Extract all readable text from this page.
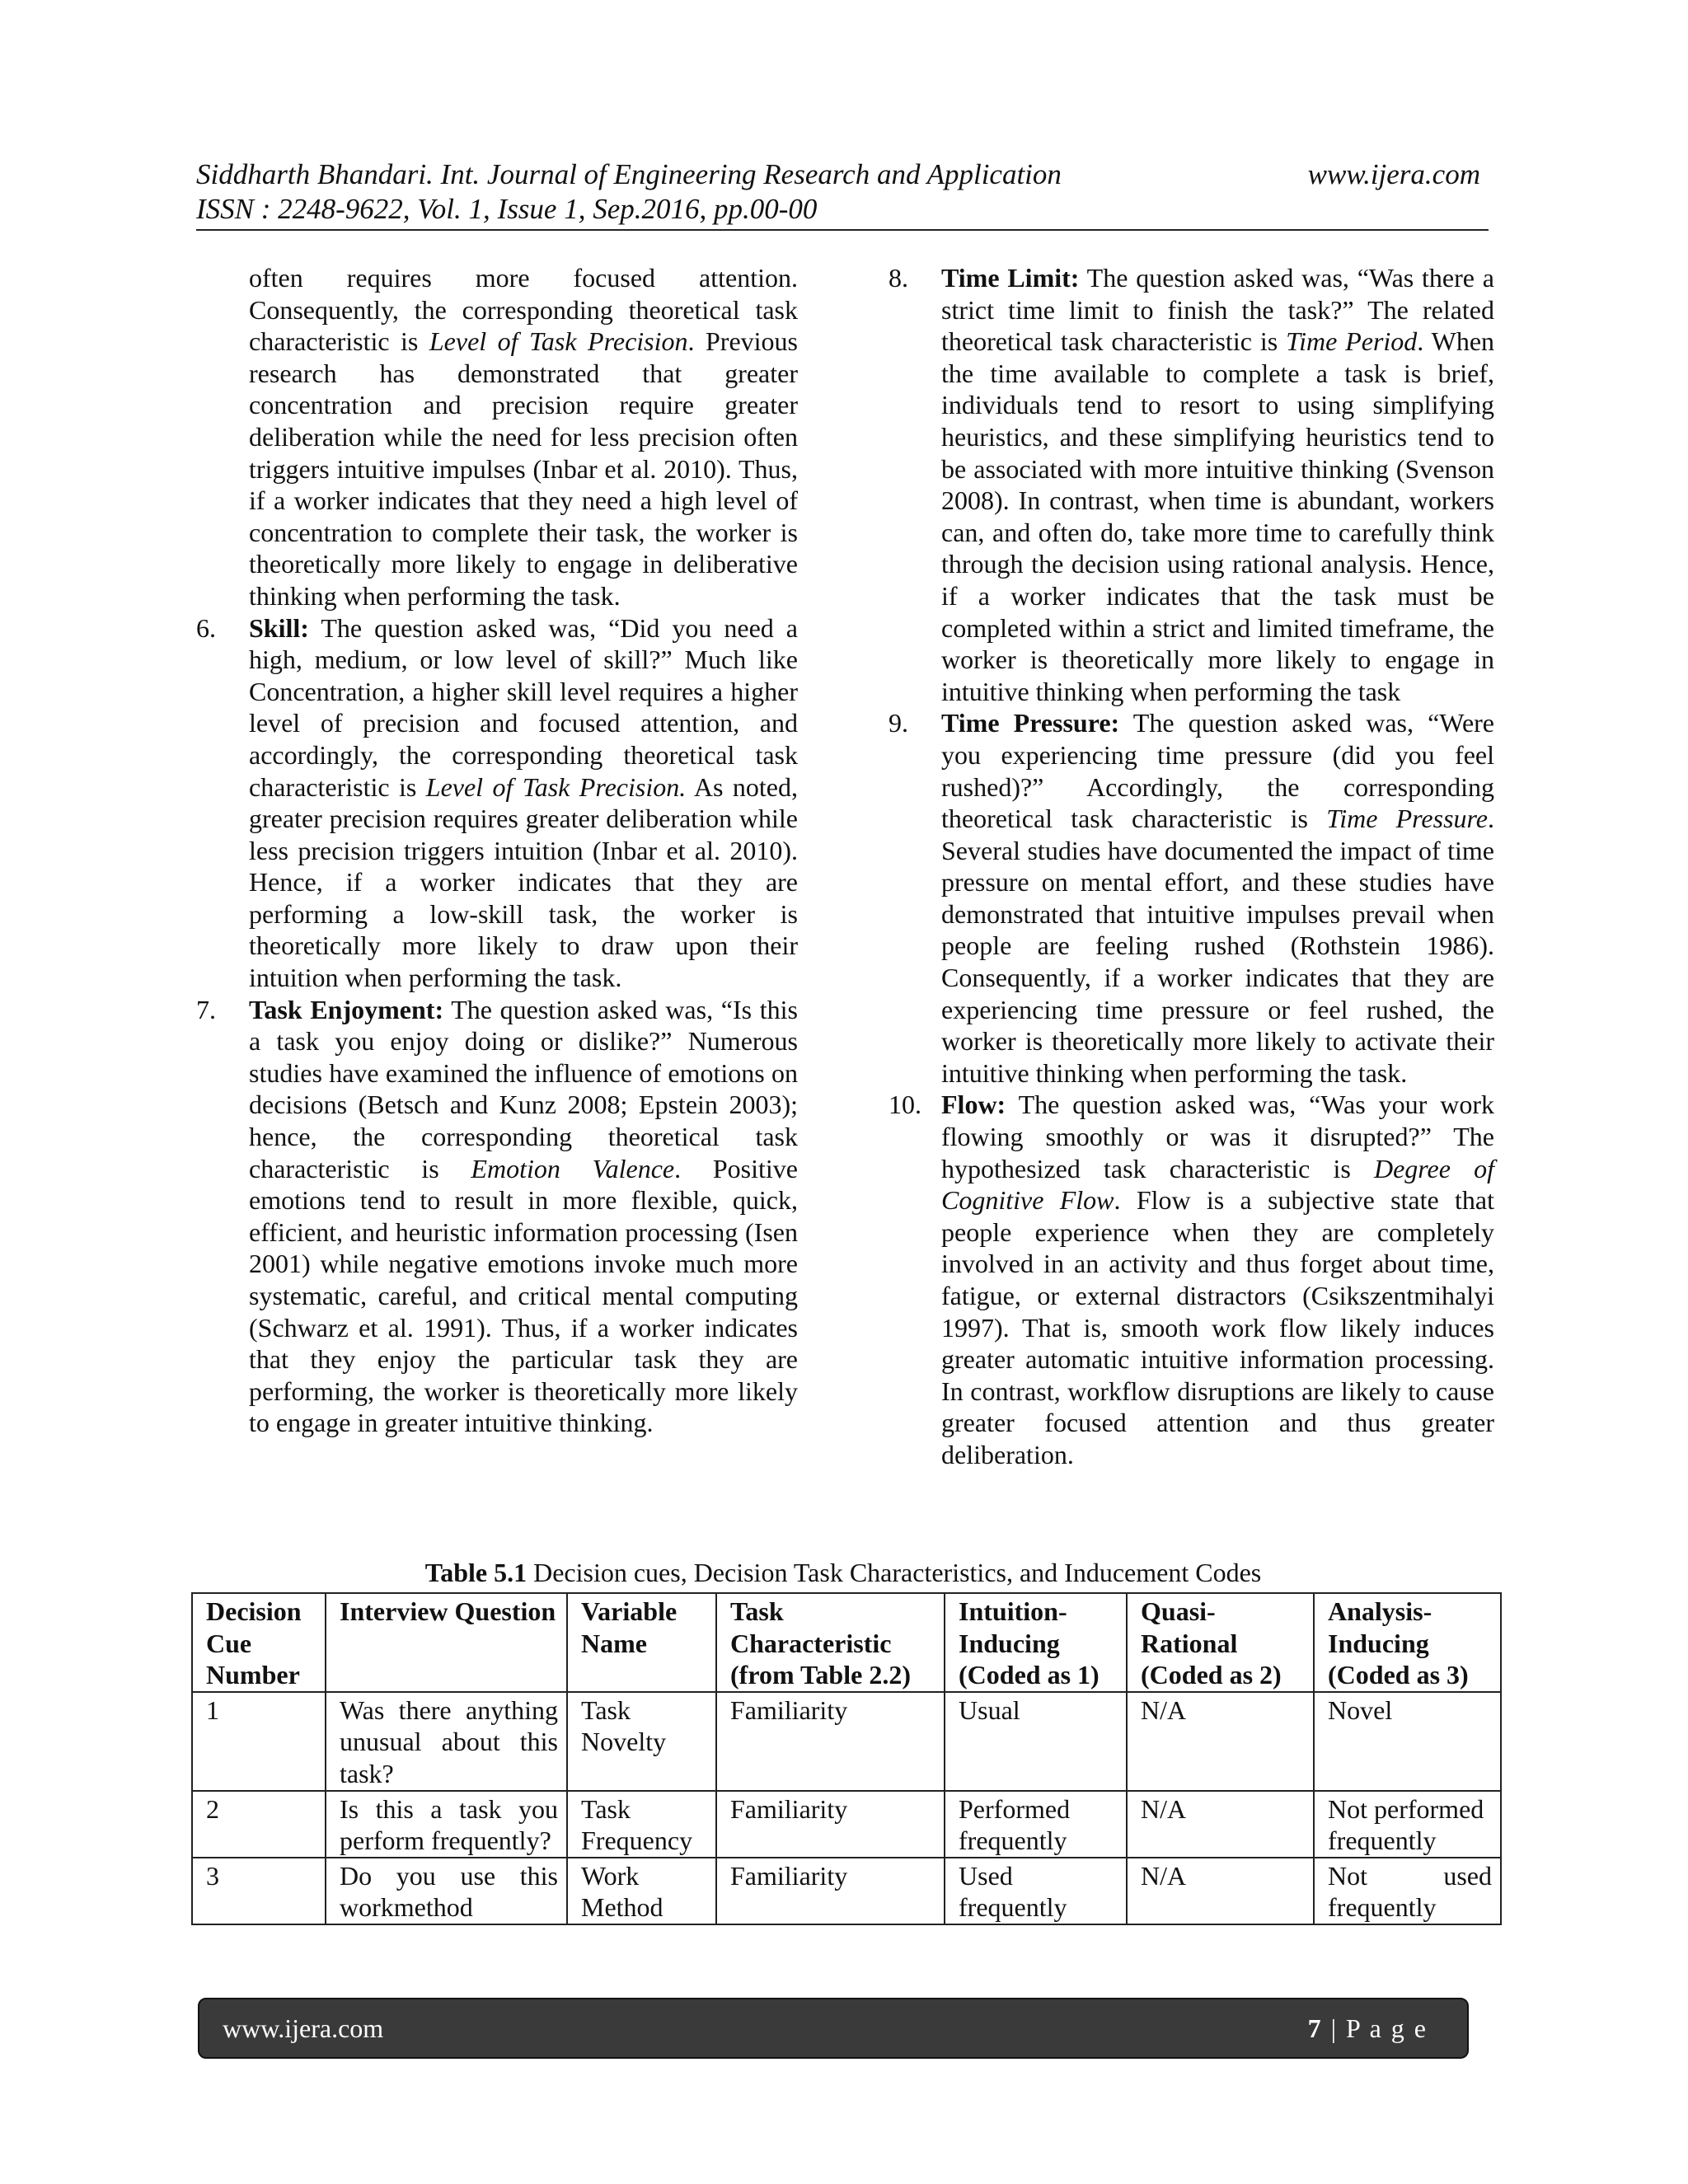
Siddharth Bhandari. Int. Journal of Engineering Research and Application	www.ijera.com
ISSN : 2248-9622, Vol. 1, Issue 1, Sep.2016, pp.00-00
often requires more focused attention. Consequently, the corresponding theoretical task characteristic is Level of Task Precision. Previous research has demonstrated that greater concentration and precision require greater deliberation while the need for less precision often triggers intuitive impulses (Inbar et al. 2010). Thus, if a worker indicates that they need a high level of concentration to complete their task, the worker is theoretically more likely to engage in deliberative thinking when performing the task.
6. Skill: The question asked was, “Did you need a high, medium, or low level of skill?” Much like Concentration, a higher skill level requires a higher level of precision and focused attention, and accordingly, the corresponding theoretical task characteristic is Level of Task Precision. As noted, greater precision requires greater deliberation while less precision triggers intuition (Inbar et al. 2010). Hence, if a worker indicates that they are performing a low-skill task, the worker is theoretically more likely to draw upon their intuition when performing the task.
7. Task Enjoyment: The question asked was, “Is this a task you enjoy doing or dislike?” Numerous studies have examined the influence of emotions on decisions (Betsch and Kunz 2008; Epstein 2003); hence, the corresponding theoretical task characteristic is Emotion Valence. Positive emotions tend to result in more flexible, quick, efficient, and heuristic information processing (Isen 2001) while negative emotions invoke much more systematic, careful, and critical mental computing (Schwarz et al. 1991). Thus, if a worker indicates that they enjoy the particular task they are performing, the worker is theoretically more likely to engage in greater intuitive thinking.
8. Time Limit: The question asked was, “Was there a strict time limit to finish the task?” The related theoretical task characteristic is Time Period. When the time available to complete a task is brief, individuals tend to resort to using simplifying heuristics, and these simplifying heuristics tend to be associated with more intuitive thinking (Svenson 2008). In contrast, when time is abundant, workers can, and often do, take more time to carefully think through the decision using rational analysis. Hence, if a worker indicates that the task must be completed within a strict and limited timeframe, the worker is theoretically more likely to engage in intuitive thinking when performing the task
9. Time Pressure: The question asked was, “Were you experiencing time pressure (did you feel rushed)?” Accordingly, the corresponding theoretical task characteristic is Time Pressure. Several studies have documented the impact of time pressure on mental effort, and these studies have demonstrated that intuitive impulses prevail when people are feeling rushed (Rothstein 1986). Consequently, if a worker indicates that they are experiencing time pressure or feel rushed, the worker is theoretically more likely to activate their intuitive thinking when performing the task.
10. Flow: The question asked was, “Was your work flowing smoothly or was it disrupted?” The hypothesized task characteristic is Degree of Cognitive Flow. Flow is a subjective state that people experience when they are completely involved in an activity and thus forget about time, fatigue, or external distractors (Csikszentmihalyi 1997). That is, smooth work flow likely induces greater automatic intuitive information processing. In contrast, workflow disruptions are likely to cause greater focused attention and thus greater deliberation.
Table 5.1 Decision cues, Decision Task Characteristics, and Inducement Codes
Decision Cue Number	Interview Question	Variable Name	Task Characteristic (from Table 2.2)	Intuition-Inducing (Coded as 1)	Quasi-Rational (Coded as 2)	Analysis-Inducing (Coded as 3)
1	Was there anything unusual about this task?	Task Novelty	Familiarity	Usual	N/A	Novel
2	Is this a task you perform frequently?	Task Frequency	Familiarity	Performed frequently	N/A	Not performed frequently
3	Do you use this workmethod	Work Method	Familiarity	Used frequently	N/A	Not used frequently
www.ijera.com	7 | P a g e
